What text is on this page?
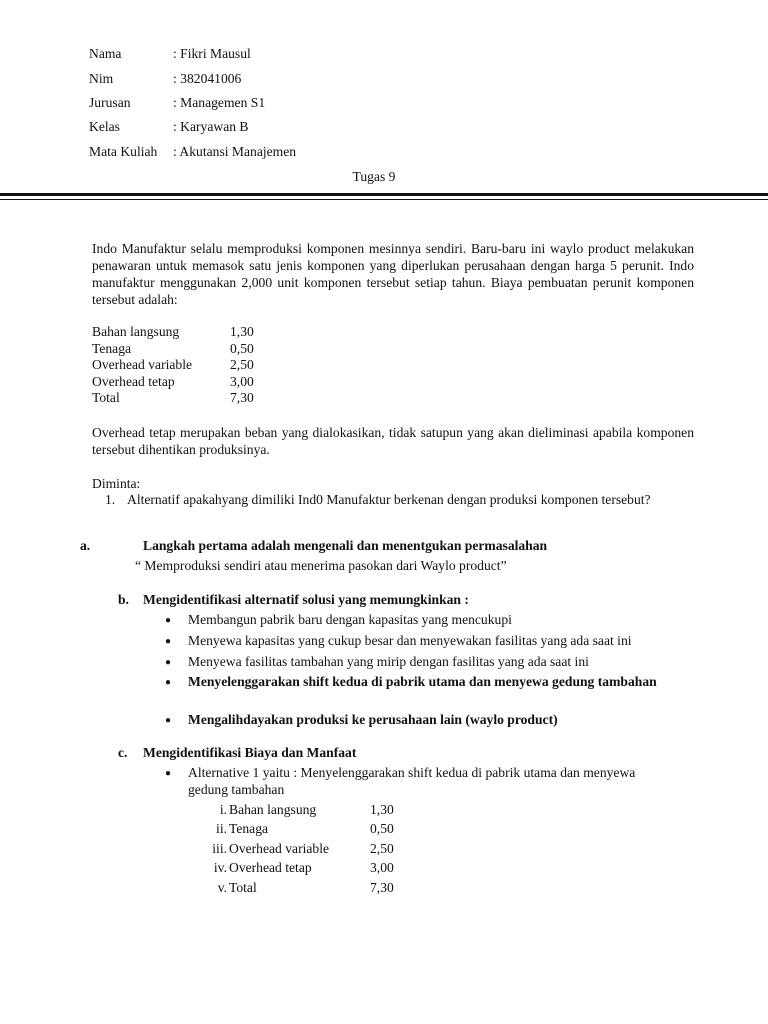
Nama	: Fikri Mausul
Nim	: 382041006
Jurusan	: Managemen S1
Kelas	: Karyawan B
Mata Kuliah	: Akutansi Manajemen
Tugas 9
Indo Manufaktur selalu memproduksi komponen mesinnya sendiri. Baru-baru ini waylo product melakukan penawaran untuk memasok satu jenis komponen yang diperlukan perusahaan dengan harga 5 perunit. Indo manufaktur menggunakan 2,000 unit komponen tersebut setiap tahun. Biaya pembuatan perunit komponen tersebut adalah:
Bahan langsung	1,30
Tenaga	0,50
Overhead variable	2,50
Overhead tetap	3,00
Total	7,30
Overhead tetap merupakan beban yang dialokasikan, tidak satupun yang akan dieliminasi apabila komponen tersebut dihentikan produksinya.
Diminta:
1. Alternatif apakahyang dimiliki Ind0 Manufaktur berkenan dengan produksi komponen tersebut?
a.	Langkah pertama adalah mengenali dan menentgukan permasalahan
“ Memproduksi sendiri atau menerima pasokan dari Waylo product”
b. Mengidentifikasi alternatif solusi yang memungkinkan :
●	Membangun pabrik baru dengan kapasitas yang mencukupi
●	Menyewa kapasitas yang cukup besar dan menyewakan fasilitas yang ada saat ini
●	Menyewa fasilitas tambahan yang mirip dengan fasilitas yang ada saat ini
●	Menyelenggarakan shift kedua di pabrik utama dan menyewa gedung tambahan
●	Mengalihdayakan produksi ke perusahaan lain (waylo product)
c. Mengidentifikasi Biaya dan Manfaat
●	Alternative 1 yaitu : Menyelenggarakan shift kedua di pabrik utama dan menyewa gedung tambahan
i. Bahan langsung	1,30
ii. Tenaga	0,50
iii. Overhead variable	2,50
iv. Overhead tetap	3,00
v. Total	7,30
